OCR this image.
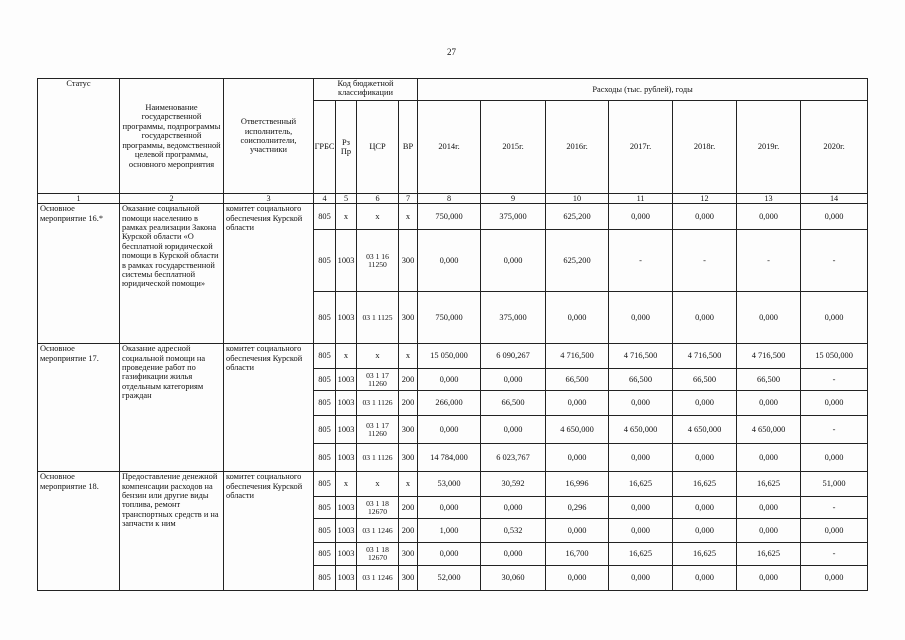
27
Статус	Наименование государственной программы, подпрограммы государственной программы, ведомственной целевой программы, основного мероприятия	Ответственный исполнитель, соисполнители, участники	Код бюджетной классификации				Расходы (тыс. рублей), годы						
			ГРБС	Рз Пр	ЦСР	ВР	2014г.	2015г.	2016г.	2017г.	2018г.	2019г.	2020г.
1	2	3	4	5	6	7	8	9	10	11	12	13	14
Основное мероприятие 16.*	Оказание социальной помощи населению в рамках реализации Закона Курской области «О бесплатной юридической помощи в Курской области в рамках государственной системы бесплатной юридической помощи»	комитет социального обеспечения Курской области	805	х	х	х	750,000	375,000	625,200	0,000	0,000	0,000	0,000
			805	1003	03 1 16 11250	300	0,000	0,000	625,200	-	-	-	-
			805	1003	03 1 1125	300	750,000	375,000	0,000	0,000	0,000	0,000	0,000
Основное мероприятие 17.	Оказание адресной социальной помощи на проведение работ по газификации жилья отдельным категориям граждан	комитет социального обеспечения Курской области	805	х	х	х	15 050,000	6 090,267	4 716,500	4 716,500	4 716,500	4 716,500	15 050,000
			805	1003	03 1 17 11260	200	0,000	0,000	66,500	66,500	66,500	66,500	-
			805	1003	03 1 1126	200	266,000	66,500	0,000	0,000	0,000	0,000	0,000
			805	1003	03 1 17 11260	300	0,000	0,000	4 650,000	4 650,000	4 650,000	4 650,000	-
			805	1003	03 1 1126	300	14 784,000	6 023,767	0,000	0,000	0,000	0,000	0,000
Основное мероприятие 18.	Предоставление денежной компенсации расходов на бензин или другие виды топлива, ремонт транспортных средств и на запчасти к ним	комитет социального обеспечения Курской области	805	х	х	х	53,000	30,592	16,996	16,625	16,625	16,625	51,000
			805	1003	03 1 18 12670	200	0,000	0,000	0,296	0,000	0,000	0,000	-
			805	1003	03 1 1246	200	1,000	0,532	0,000	0,000	0,000	0,000	0,000
			805	1003	03 1 18 12670	300	0,000	0,000	16,700	16,625	16,625	16,625	-
			805	1003	03 1 1246	300	52,000	30,060	0,000	0,000	0,000	0,000	0,000
